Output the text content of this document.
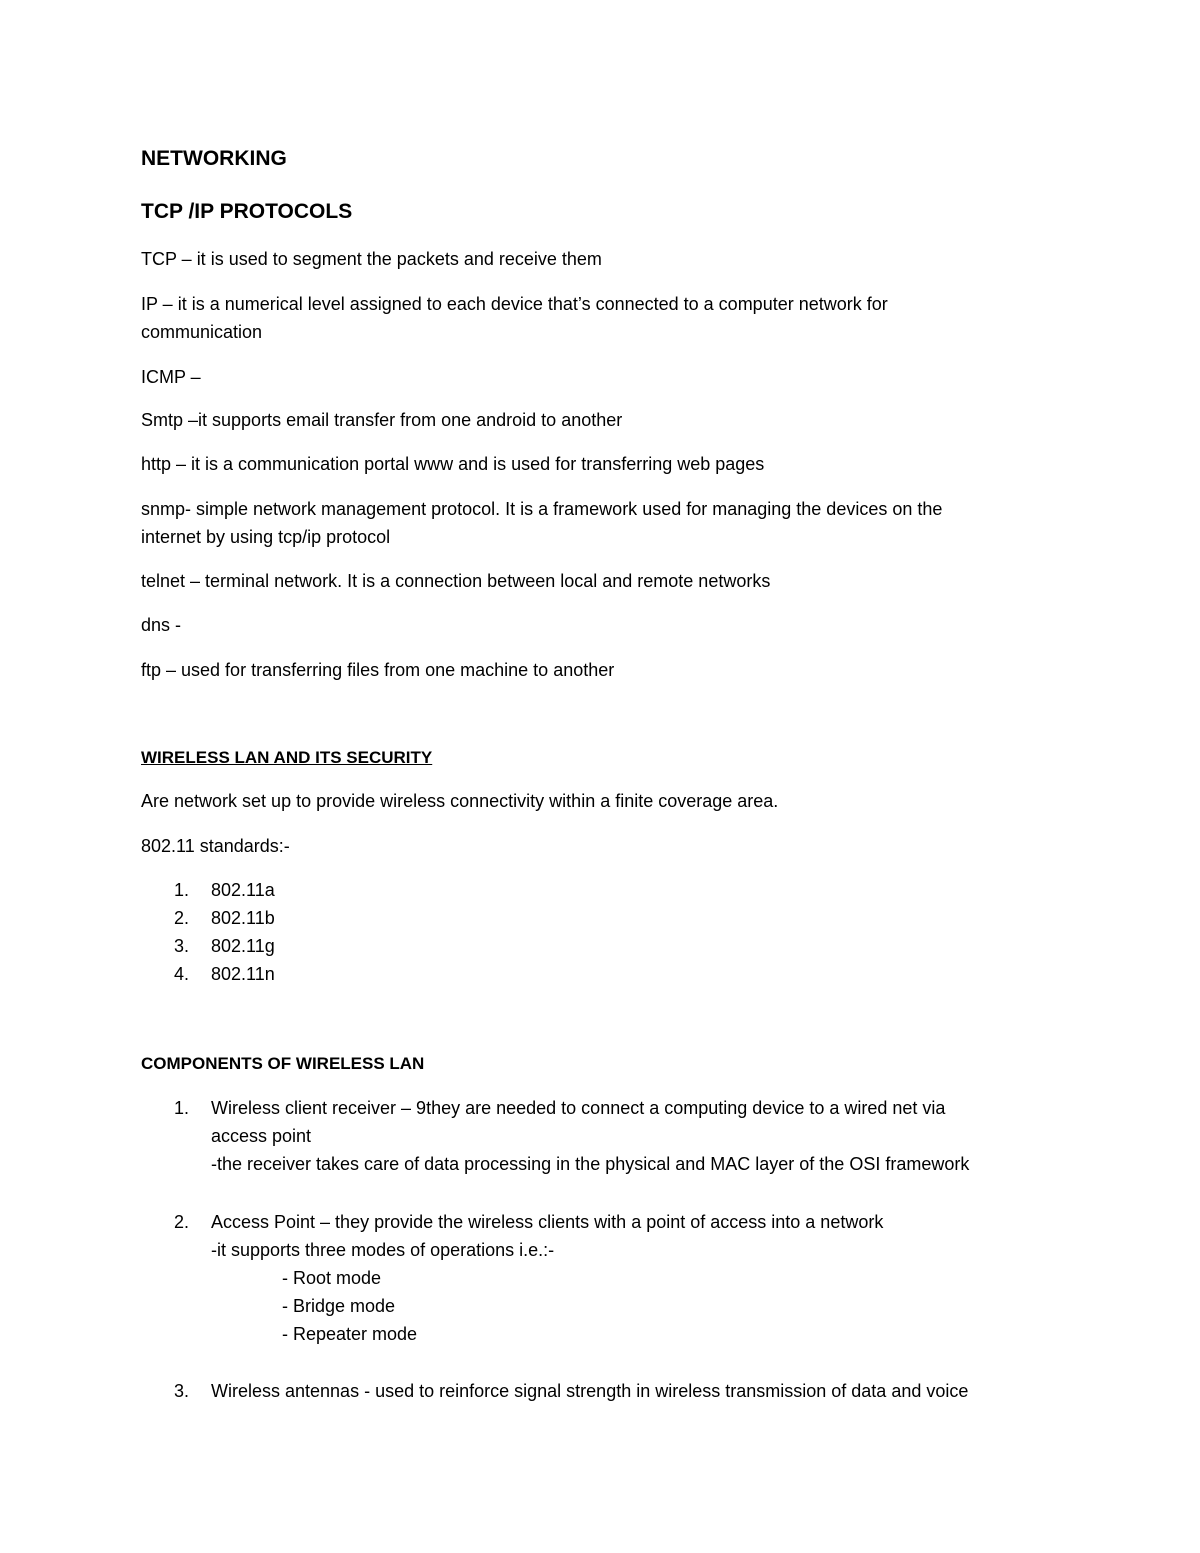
NETWORKING
TCP /IP PROTOCOLS
TCP – it is used to segment the packets and receive them
IP – it is a numerical level assigned to each device that’s connected to a computer network for
communication
ICMP –
Smtp –it supports email transfer from one android to another
http – it is a communication portal www and is used for transferring web pages
snmp- simple network management protocol. It is a framework used for managing the devices on the
internet by using tcp/ip protocol
telnet – terminal network. It is a connection between local and remote networks
dns -
ftp – used for transferring files from one machine to another
WIRELESS LAN AND ITS SECURITY
Are network set up to provide wireless connectivity within a finite coverage area.
802.11 standards:-
1. 802.11a
2. 802.11b
3. 802.11g
4. 802.11n
COMPONENTS OF WIRELESS LAN
1. Wireless client receiver – 9they are needed to connect a computing device to a wired net via
access point
-the receiver takes care of data processing in the physical and MAC layer of the OSI framework
2. Access Point – they provide the wireless clients with a point of access into a network
-it supports three modes of operations i.e.:-
- Root mode
- Bridge mode
- Repeater mode
3. Wireless antennas - used to reinforce signal strength in wireless transmission of data and voice
